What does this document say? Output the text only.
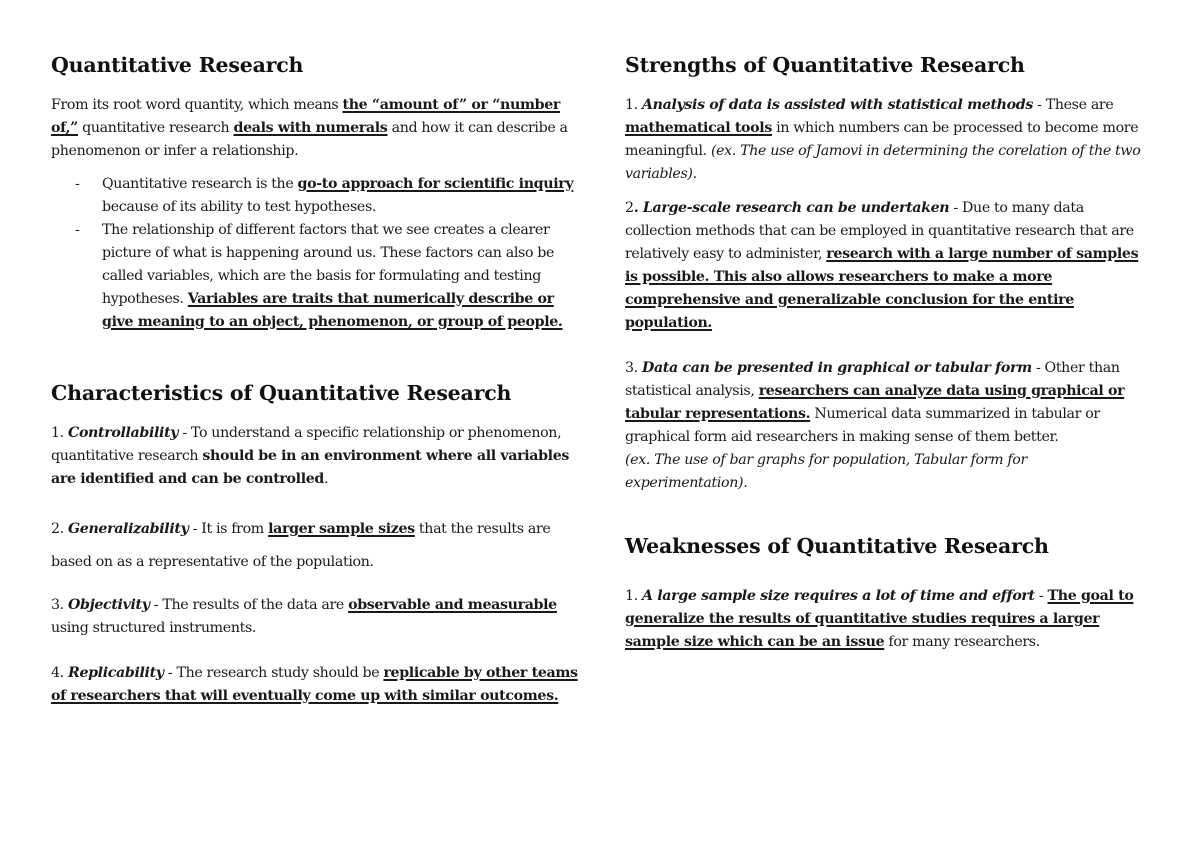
Quantitative Research

From its root word quantity, which means the “amount of” or “number of,” quantitative research deals with numerals and how it can describe a phenomenon or infer a relationship.

- Quantitative research is the go-to approach for scientific inquiry because of its ability to test hypotheses.
- The relationship of different factors that we see creates a clearer picture of what is happening around us. These factors can also be called variables, which are the basis for formulating and testing hypotheses. Variables are traits that numerically describe or give meaning to an object, phenomenon, or group of people.
Characteristics of Quantitative Research

1. Controllability - To understand a specific relationship or phenomenon, quantitative research should be in an environment where all variables are identified and can be controlled.

2. Generalizability - It is from larger sample sizes that the results are based on as a representative of the population.

3. Objectivity - The results of the data are observable and measurable using structured instruments.

4. Replicability - The research study should be replicable by other teams of researchers that will eventually come up with similar outcomes.

Strengths of Quantitative Research

1. Analysis of data is assisted with statistical methods - These are mathematical tools in which numbers can be processed to become more meaningful. (ex. The use of Jamovi in determining the corelation of the two variables).

2. Large-scale research can be undertaken - Due to many data collection methods that can be employed in quantitative research that are relatively easy to administer, research with a large number of samples is possible. This also allows researchers to make a more comprehensive and generalizable conclusion for the entire population.

3. Data can be presented in graphical or tabular form - Other than statistical analysis, researchers can analyze data using graphical or tabular representations. Numerical data summarized in tabular or graphical form aid researchers in making sense of them better.
(ex. The use of bar graphs for population, Tabular form for experimentation).

Weaknesses of Quantitative Research

1. A large sample size requires a lot of time and effort - The goal to generalize the results of quantitative studies requires a larger sample size which can be an issue for many researchers.
